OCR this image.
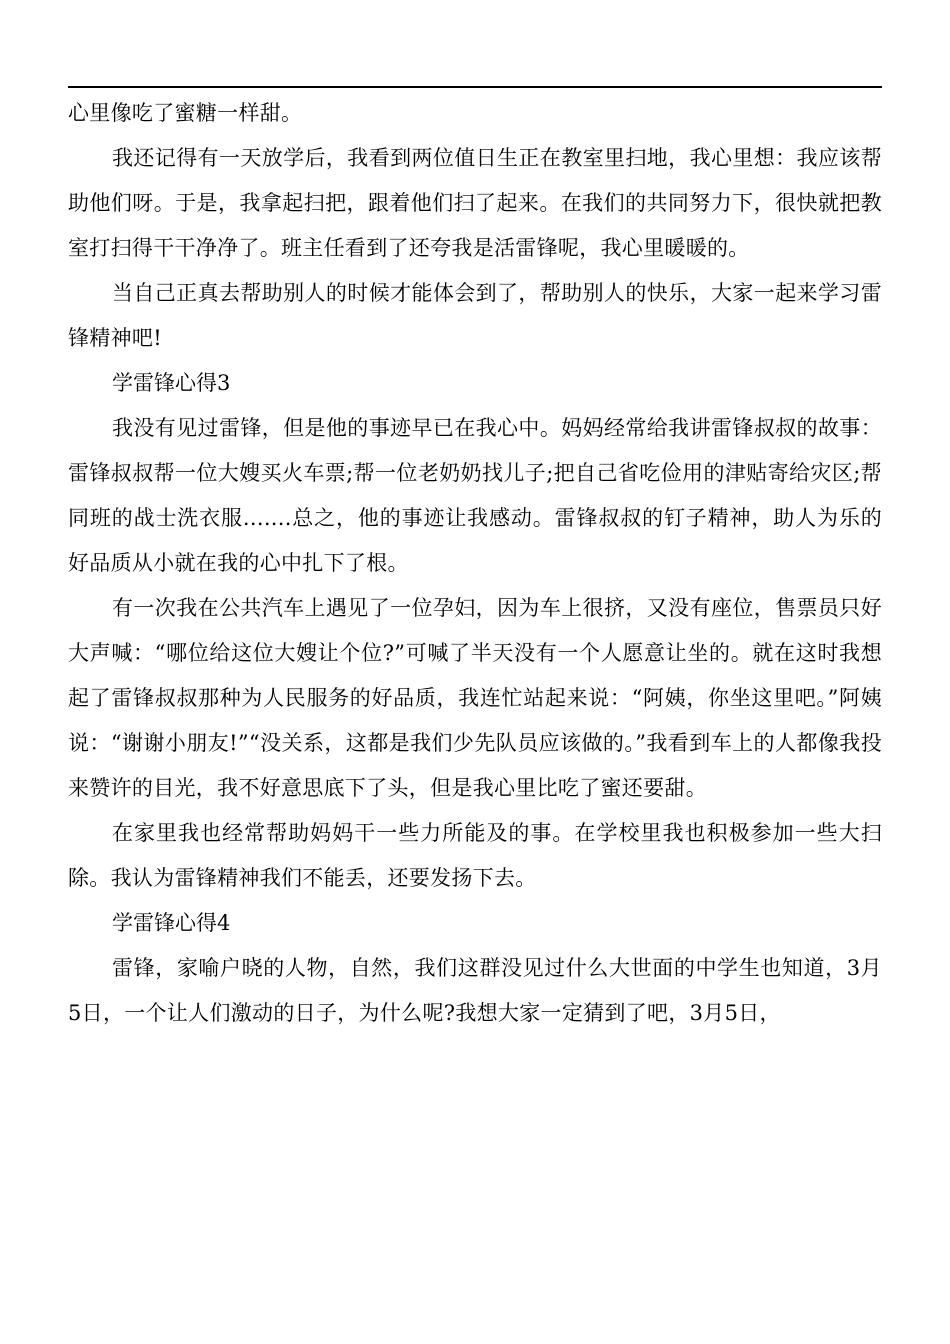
心里像吃了蜜糖一样甜。

我还记得有一天放学后，我看到两位值日生正在教室里扫地，我心里想：我应该帮助他们呀。于是，我拿起扫把，跟着他们扫了起来。在我们的共同努力下，很快就把教室打扫得干干净净了。班主任看到了还夸我是活雷锋呢，我心里暖暖的。

当自己正真去帮助别人的时候才能体会到了，帮助别人的快乐，大家一起来学习雷锋精神吧!

学雷锋心得3

我没有见过雷锋，但是他的事迹早已在我心中。妈妈经常给我讲雷锋叔叔的故事：雷锋叔叔帮一位大嫂买火车票;帮一位老奶奶找儿子;把自己省吃俭用的津贴寄给灾区;帮同班的战士洗衣服.......总之，他的事迹让我感动。雷锋叔叔的钉子精神，助人为乐的好品质从小就在我的心中扎下了根。

有一次我在公共汽车上遇见了一位孕妇，因为车上很挤，又没有座位，售票员只好大声喊：“哪位给这位大嫂让个位?”可喊了半天没有一个人愿意让坐的。就在这时我想起了雷锋叔叔那种为人民服务的好品质，我连忙站起来说：“阿姨，你坐这里吧。”阿姨说：“谢谢小朋友!”“没关系，这都是我们少先队员应该做的。”我看到车上的人都像我投来赞许的目光，我不好意思底下了头，但是我心里比吃了蜜还要甜。

在家里我也经常帮助妈妈干一些力所能及的事。在学校里我也积极参加一些大扫除。我认为雷锋精神我们不能丢，还要发扬下去。

学雷锋心得4

雷锋，家喻户晓的人物，自然，我们这群没见过什么大世面的中学生也知道，3月5日，一个让人们激动的日子，为什么呢?我想大家一定猜到了吧，3月5日，
